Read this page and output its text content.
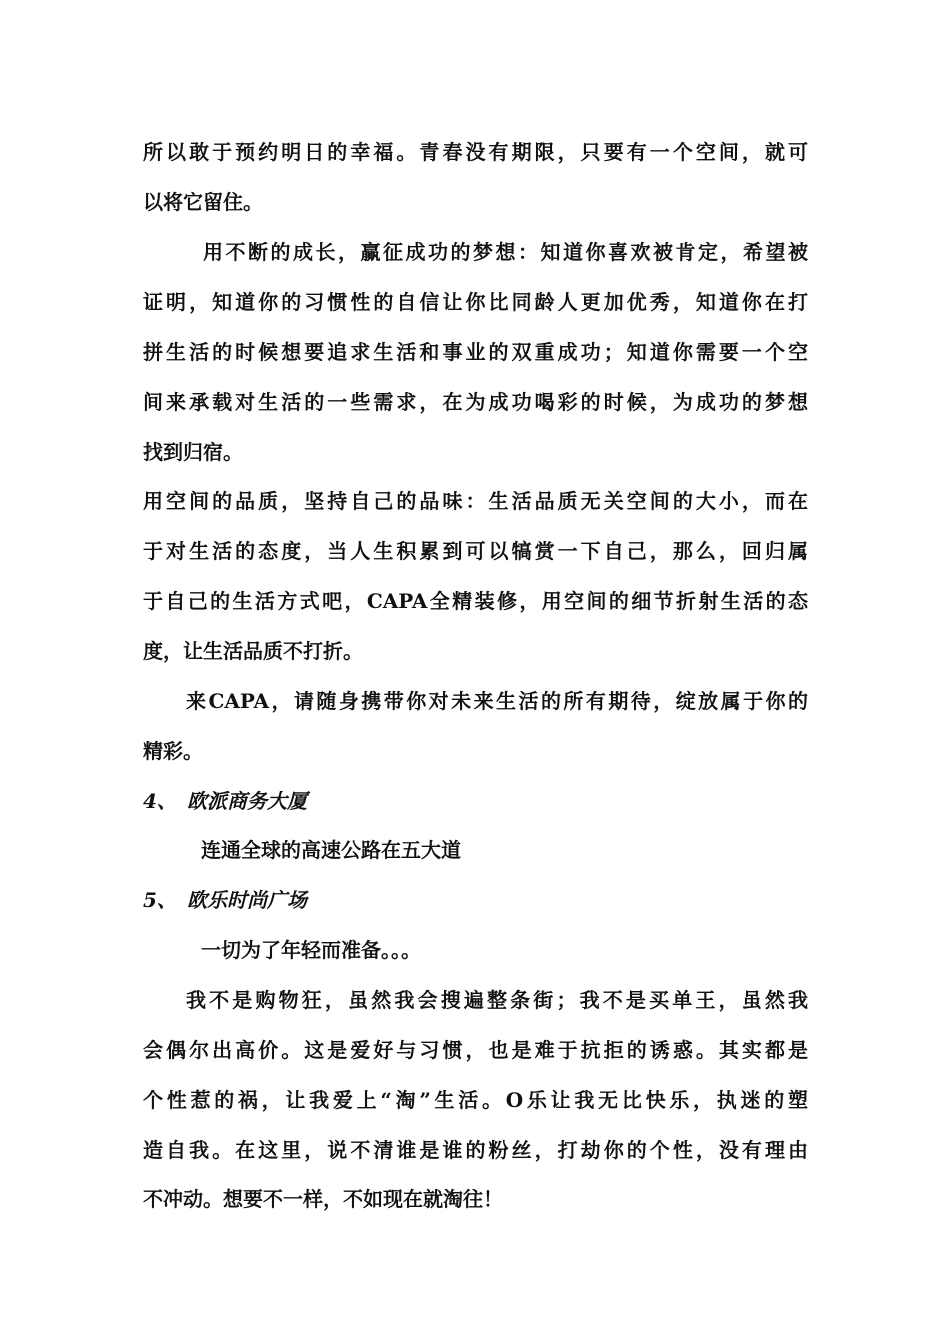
所以敢于预约明日的幸福。青春没有期限，只要有一个空间，就可
以将它留住。
用不断的成长，赢征成功的梦想：知道你喜欢被肯定，希望被
证明，知道你的习惯性的自信让你比同龄人更加优秀，知道你在打
拼生活的时候想要追求生活和事业的双重成功；知道你需要一个空
间来承载对生活的一些需求，在为成功喝彩的时候，为成功的梦想
找到归宿。
用空间的品质，坚持自己的品味：生活品质无关空间的大小，而在
于对生活的态度，当人生积累到可以犒赏一下自己，那么，回归属
于自己的生活方式吧，CAPA全精装修，用空间的细节折射生活的态
度，让生活品质不打折。
来CAPA，请随身携带你对未来生活的所有期待，绽放属于你的
精彩。
4、 欧派商务大厦
连通全球的高速公路在五大道
5、 欧乐时尚广场
一切为了年轻而准备。。。
我不是购物狂，虽然我会搜遍整条街；我不是买单王，虽然我
会偶尔出高价。这是爱好与习惯，也是难于抗拒的诱惑。其实都是
个性惹的祸，让我爱上“淘”生活。O乐让我无比快乐，执迷的塑
造自我。在这里，说不清谁是谁的粉丝，打劫你的个性，没有理由
不冲动。想要不一样，不如现在就淘往！
